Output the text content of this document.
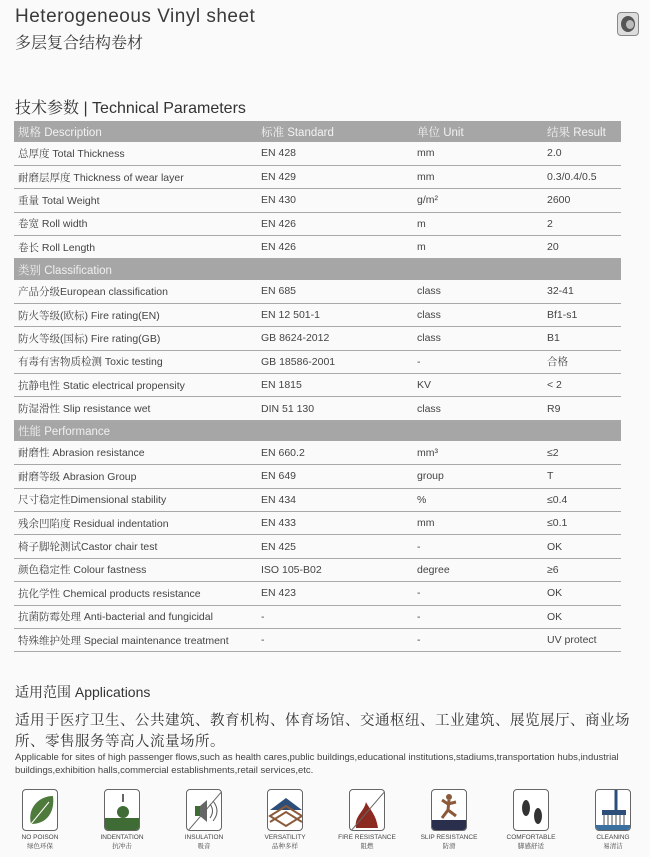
Heterogeneous Vinyl sheet
多层复合结构卷材
技术参数 | Technical Parameters
规格 Description	标准 Standard	单位 Unit	结果 Result
总厚度 Total Thickness	EN 428	mm	2.0
耐磨层厚度 Thickness of wear layer	EN 429	mm	0.3/0.4/0.5
重量 Total Weight	EN 430	g/m²	2600
卷宽 Roll width	EN 426	m	2
卷长 Roll Length	EN 426	m	20
类别 Classification			
产品分级European classification	EN 685	class	32-41
防火等级(欧标) Fire rating(EN)	EN 12 501-1	class	Bf1-s1
防火等级(国标) Fire rating(GB)	GB 8624-2012	class	B1
有毒有害物质检测 Toxic testing	GB 18586-2001	-	合格
抗静电性 Static electrical propensity	EN 1815	KV	< 2
防湿滑性 Slip resistance wet	DIN 51 130	class	R9
性能 Performance			
耐磨性 Abrasion resistance	EN 660.2	mm³	≤2
耐磨等级 Abrasion Group	EN 649	group	T
尺寸稳定性Dimensional stability	EN 434	%	≤0.4
残余凹陷度 Residual indentation	EN 433	mm	≤0.1
椅子脚轮测试Castor chair test	EN 425	-	OK
颜色稳定性 Colour fastness	ISO 105-B02	degree	≥6
抗化学性 Chemical products resistance	EN 423	-	OK
抗菌防霉处理 Anti-bacterial and fungicidal	-	-	OK
特殊维护处理 Special maintenance treatment	-	-	UV protect
适用范围 Applications
适用于医疗卫生、公共建筑、教育机构、体育场馆、交通枢纽、工业建筑、展览展厅、商业场所、零售服务等高人流量场所。
Applicable for sites of high passenger flows,such as health cares,public buildings,educational institutions,stadiums,transportation hubs,industrial buildings,exhibition halls,commercial establishments,retail services,etc.
NO POISON
绿色环保
INDENTATION
抗冲击
INSULATION
吸音
VERSATILITY
品种多样
FIRE RESISTANCE
阻燃
SLIP RESISTANCE
防滑
COMFORTABLE
脚感舒适
CLEANING
易清洁
